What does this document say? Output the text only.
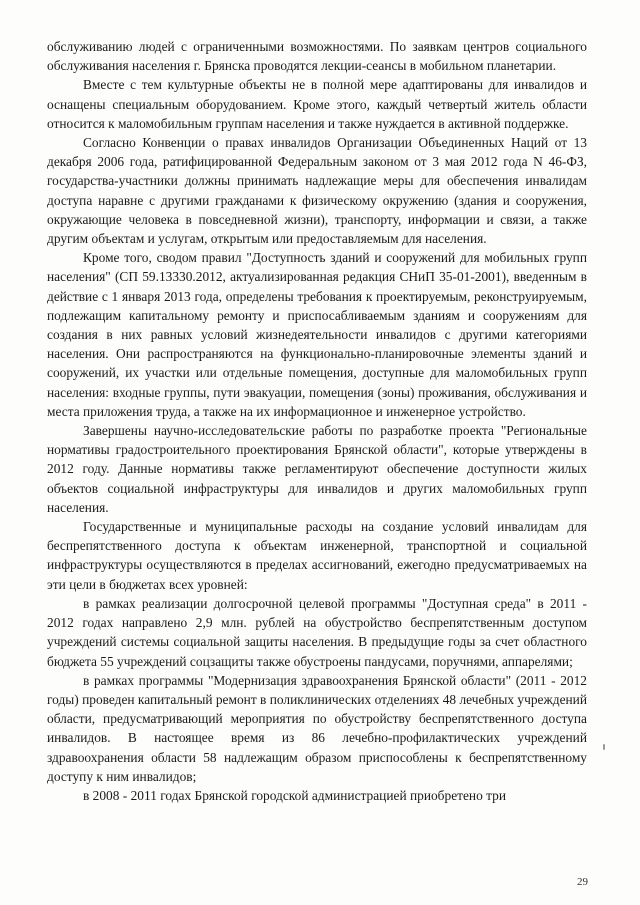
обслуживанию людей с ограниченными возможностями. По заявкам центров социального обслуживания населения г. Брянска проводятся лекции-сеансы в мобильном планетарии.

Вместе с тем культурные объекты не в полной мере адаптированы для инвалидов и оснащены специальным оборудованием. Кроме этого, каждый четвертый житель области относится к маломобильным группам населения и также нуждается в активной поддержке.

Согласно Конвенции о правах инвалидов Организации Объединенных Наций от 13 декабря 2006 года, ратифицированной Федеральным законом от 3 мая 2012 года N 46-ФЗ, государства-участники должны принимать надлежащие меры для обеспечения инвалидам доступа наравне с другими гражданами к физическому окружению (здания и сооружения, окружающие человека в повседневной жизни), транспорту, информации и связи, а также другим объектам и услугам, открытым или предоставляемым для населения.

Кроме того, сводом правил "Доступность зданий и сооружений для мобильных групп населения" (СП 59.13330.2012, актуализированная редакция СНиП 35-01-2001), введенным в действие с 1 января 2013 года, определены требования к проектируемым, реконструируемым, подлежащим капитальному ремонту и приспосабливаемым зданиям и сооружениям для создания в них равных условий жизнедеятельности инвалидов с другими категориями населения. Они распространяются на функционально-планировочные элементы зданий и сооружений, их участки или отдельные помещения, доступные для маломобильных групп населения: входные группы, пути эвакуации, помещения (зоны) проживания, обслуживания и места приложения труда, а также на их информационное и инженерное устройство.

Завершены научно-исследовательские работы по разработке проекта "Региональные нормативы градостроительного проектирования Брянской области", которые утверждены в 2012 году. Данные нормативы также регламентируют обеспечение доступности жилых объектов социальной инфраструктуры для инвалидов и других маломобильных групп населения.

Государственные и муниципальные расходы на создание условий инвалидам для беспрепятственного доступа к объектам инженерной, транспортной и социальной инфраструктуры осуществляются в пределах ассигнований, ежегодно предусматриваемых на эти цели в бюджетах всех уровней:

в рамках реализации долгосрочной целевой программы "Доступная среда" в 2011 - 2012 годах направлено 2,9 млн. рублей на обустройство беспрепятственным доступом учреждений системы социальной защиты населения. В предыдущие годы за счет областного бюджета 55 учреждений соцзащиты также обустроены пандусами, поручнями, аппарелями;

в рамках программы "Модернизация здравоохранения Брянской области" (2011 - 2012 годы) проведен капитальный ремонт в поликлинических отделениях 48 лечебных учреждений области, предусматривающий мероприятия по обустройству беспрепятственного доступа инвалидов. В настоящее время из 86 лечебно-профилактических учреждений здравоохранения области 58 надлежащим образом приспособлены к беспрепятственному доступу к ним инвалидов;

в 2008 - 2011 годах Брянской городской администрацией приобретено три

29
